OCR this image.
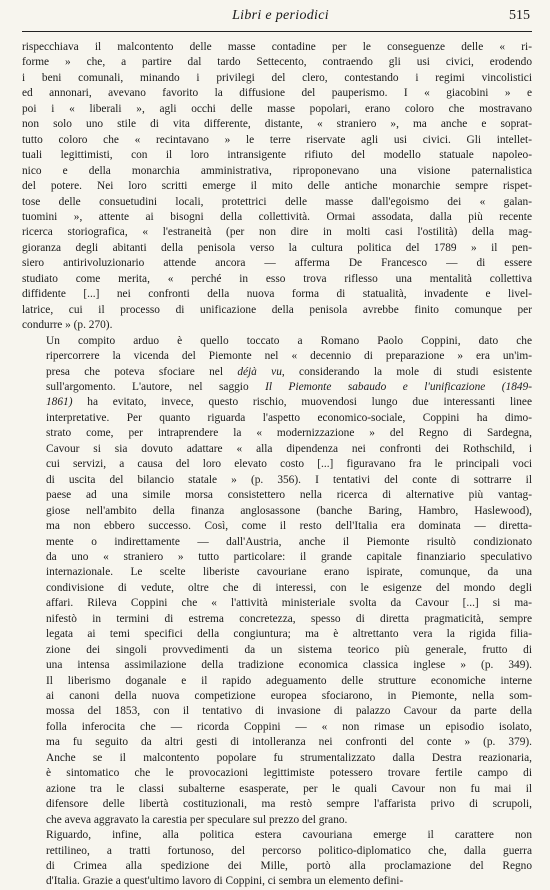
Libri e periodici	515
rispecchiava il malcontento delle masse contadine per le conseguenze delle « ri-
forme » che, a partire dal tardo Settecento, contraendo gli usi civici, erodendo
i beni comunali, minando i privilegi del clero, contestando i regimi vincolistici
ed annonari, avevano favorito la diffusione del pauperismo. I « giacobini » e
poi i « liberali », agli occhi delle masse popolari, erano coloro che mostravano
non solo uno stile di vita differente, distante, « straniero », ma anche e soprat-
tutto coloro che « recintavano » le terre riservate agli usi civici. Gli intellet-
tuali legittimisti, con il loro intransigente rifiuto del modello statuale napoleo-
nico e della monarchia amministrativa, riproponevano una visione paternalistica
del potere. Nei loro scritti emerge il mito delle antiche monarchie sempre rispet-
tose delle consuetudini locali, protettrici delle masse dall'egoismo dei « galan-
tuomini », attente ai bisogni della collettività. Ormai assodata, dalla più recente
ricerca storiografica, « l'estraneità (per non dire in molti casi l'ostilità) della mag-
gioranza degli abitanti della penisola verso la cultura politica del 1789 » il pen-
siero antirivoluzionario attende ancora — afferma De Francesco — di essere
studiato come merita, « perché in esso trova riflesso una mentalità collettiva
diffidente [...] nei confronti della nuova forma di statualità, invadente e livel-
latrice, cui il processo di unificazione della penisola avrebbe finito comunque per
condurre » (p. 270).
Un compito arduo è quello toccato a Romano Paolo Coppini, dato che
ripercorrere la vicenda del Piemonte nel « decennio di preparazione » era un'im-
presa che poteva sfociare nel déjà vu, considerando la mole di studi esistente
sull'argomento. L'autore, nel saggio Il Piemonte sabaudo e l'unificazione (1849-
1861) ha evitato, invece, questo rischio, muovendosi lungo due interessanti linee
interpretative. Per quanto riguarda l'aspetto economico-sociale, Coppini ha dimo-
strato come, per intraprendere la « modernizzazione » del Regno di Sardegna,
Cavour si sia dovuto adattare « alla dipendenza nei confronti dei Rothschild, i
cui servizi, a causa del loro elevato costo [...] figuravano fra le principali voci
di uscita del bilancio statale » (p. 356). I tentativi del conte di sottrarre il
paese ad una simile morsa consistettero nella ricerca di alternative più vantag-
giose nell'ambito della finanza anglosassone (banche Baring, Hambro, Haslewood),
ma non ebbero successo. Così, come il resto dell'Italia era dominata — diretta-
mente o indirettamente — dall'Austria, anche il Piemonte risultò condizionato
da uno « straniero » tutto particolare: il grande capitale finanziario speculativo
internazionale. Le scelte liberiste cavouriane erano ispirate, comunque, da una
condivisione di vedute, oltre che di interessi, con le esigenze del mondo degli
affari. Rileva Coppini che « l'attività ministeriale svolta da Cavour [...] si ma-
nifestò in termini di estrema concretezza, spesso di diretta pragmaticità, sempre
legata ai temi specifici della congiuntura; ma è altrettanto vera la rigida filia-
zione dei singoli provvedimenti da un sistema teorico più generale, frutto di
una intensa assimilazione della tradizione economica classica inglese » (p. 349).
Il liberismo doganale e il rapido adeguamento delle strutture economiche interne
ai canoni della nuova competizione europea sfociarono, in Piemonte, nella som-
mossa del 1853, con il tentativo di invasione di palazzo Cavour da parte della
folla inferocita che — ricorda Coppini — « non rimase un episodio isolato,
ma fu seguito da altri gesti di intolleranza nei confronti del conte » (p. 379).
Anche se il malcontento popolare fu strumentalizzato dalla Destra reazionaria,
è sintomatico che le provocazioni legittimiste potessero trovare fertile campo di
azione tra le classi subalterne esasperate, per le quali Cavour non fu mai il
difensore delle libertà costituzionali, ma restò sempre l'affarista privo di scrupoli,
che aveva aggravato la carestia per speculare sul prezzo del grano.
Riguardo, infine, alla politica estera cavouriana emerge il carattere non
rettilineo, a tratti fortunoso, del percorso politico-diplomatico che, dalla guerra
di Crimea alla spedizione dei Mille, portò alla proclamazione del Regno
d'Italia. Grazie a quest'ultimo lavoro di Coppini, ci sembra un elemento defini-
